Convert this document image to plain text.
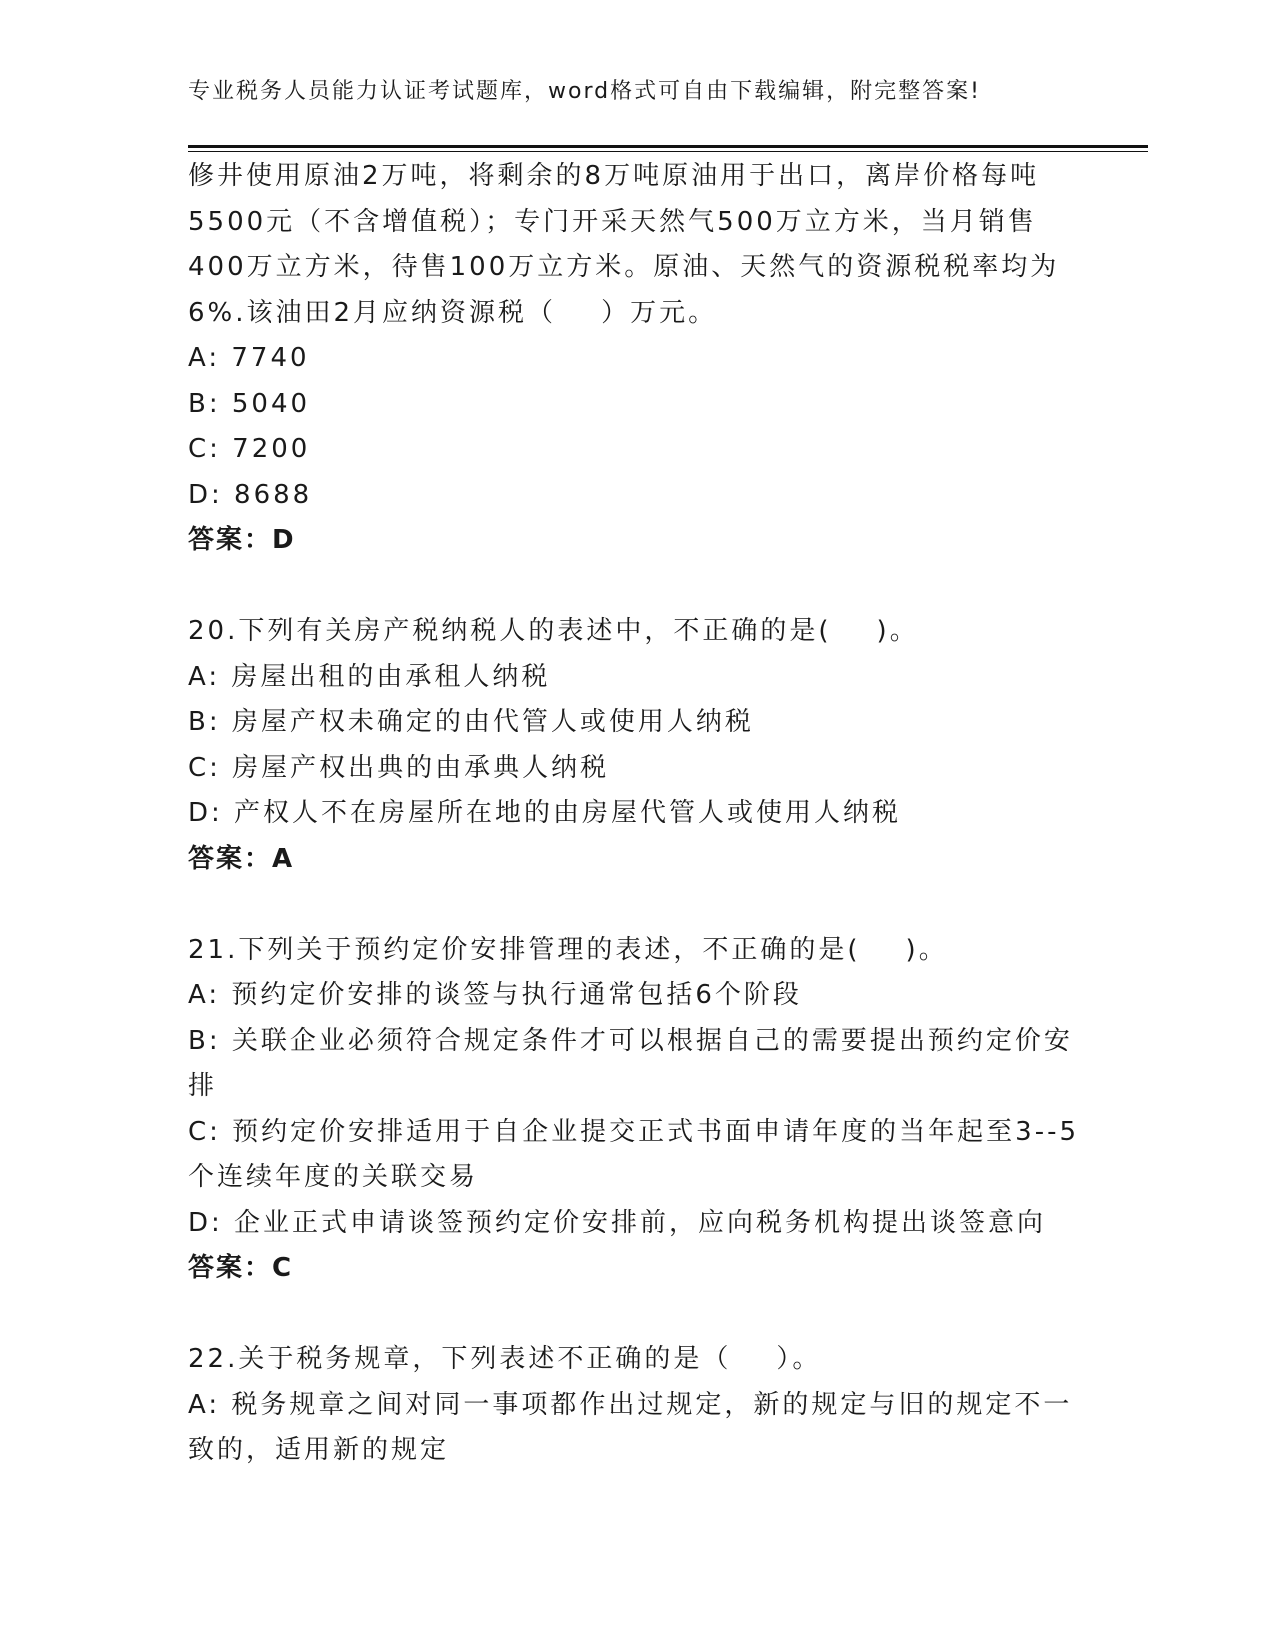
专业税务人员能力认证考试题库，word格式可自由下载编辑，附完整答案!

修井使用原油2万吨，将剩余的8万吨原油用于出口，离岸价格每吨

5500元（不含增值税）；专门开采天然气500万立方米，当月销售

400万立方米，待售100万立方米。原油、天然气的资源税税率均为

6%.该油田2月应纳资源税（    ）万元。

A: 7740

B: 5040

C: 7200

D: 8688

答案：D

20.下列有关房产税纳税人的表述中，不正确的是(    )。

A: 房屋出租的由承租人纳税

B: 房屋产权未确定的由代管人或使用人纳税

C: 房屋产权出典的由承典人纳税

D: 产权人不在房屋所在地的由房屋代管人或使用人纳税

答案：A

21.下列关于预约定价安排管理的表述，不正确的是(    )。

A: 预约定价安排的谈签与执行通常包括6个阶段

B: 关联企业必须符合规定条件才可以根据自己的需要提出预约定价安

排

C: 预约定价安排适用于自企业提交正式书面申请年度的当年起至3--5

个连续年度的关联交易

D: 企业正式申请谈签预约定价安排前，应向税务机构提出谈签意向

答案：C

22.关于税务规章，下列表述不正确的是（    ）。

A: 税务规章之间对同一事项都作出过规定，新的规定与旧的规定不一

致的，适用新的规定
